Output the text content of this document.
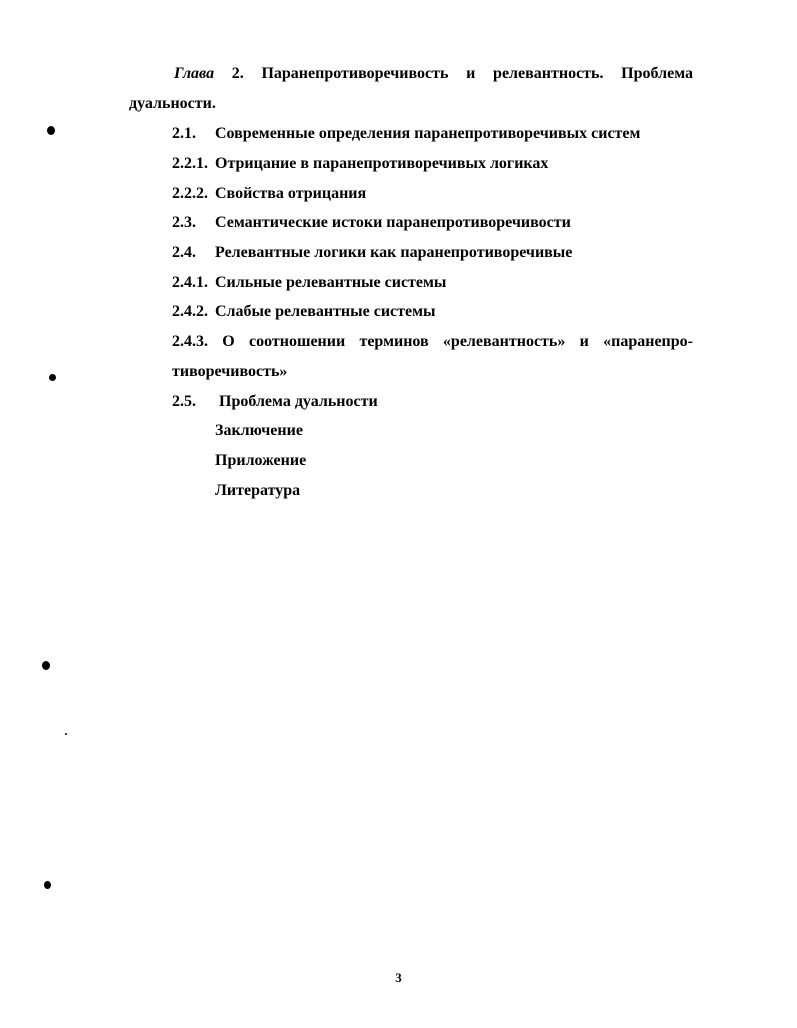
Глава 2. Паранепротиворечивость и релевантность. Проблема
дуальности.
2.1. Современные определения паранепротиворечивых систем
2.2.1. Отрицание в паранепротиворечивых логиках
2.2.2. Свойства отрицания
2.3. Семантические истоки паранепротиворечивости
2.4. Релевантные логики как паранепротиворечивые
2.4.1. Сильные релевантные системы
2.4.2. Слабые релевантные системы
2.4.3. О соотношении терминов «релевантность» и «паранепро-
тиворечивость»
2.5. Проблема дуальности
Заключение
Приложение
Литература
3
